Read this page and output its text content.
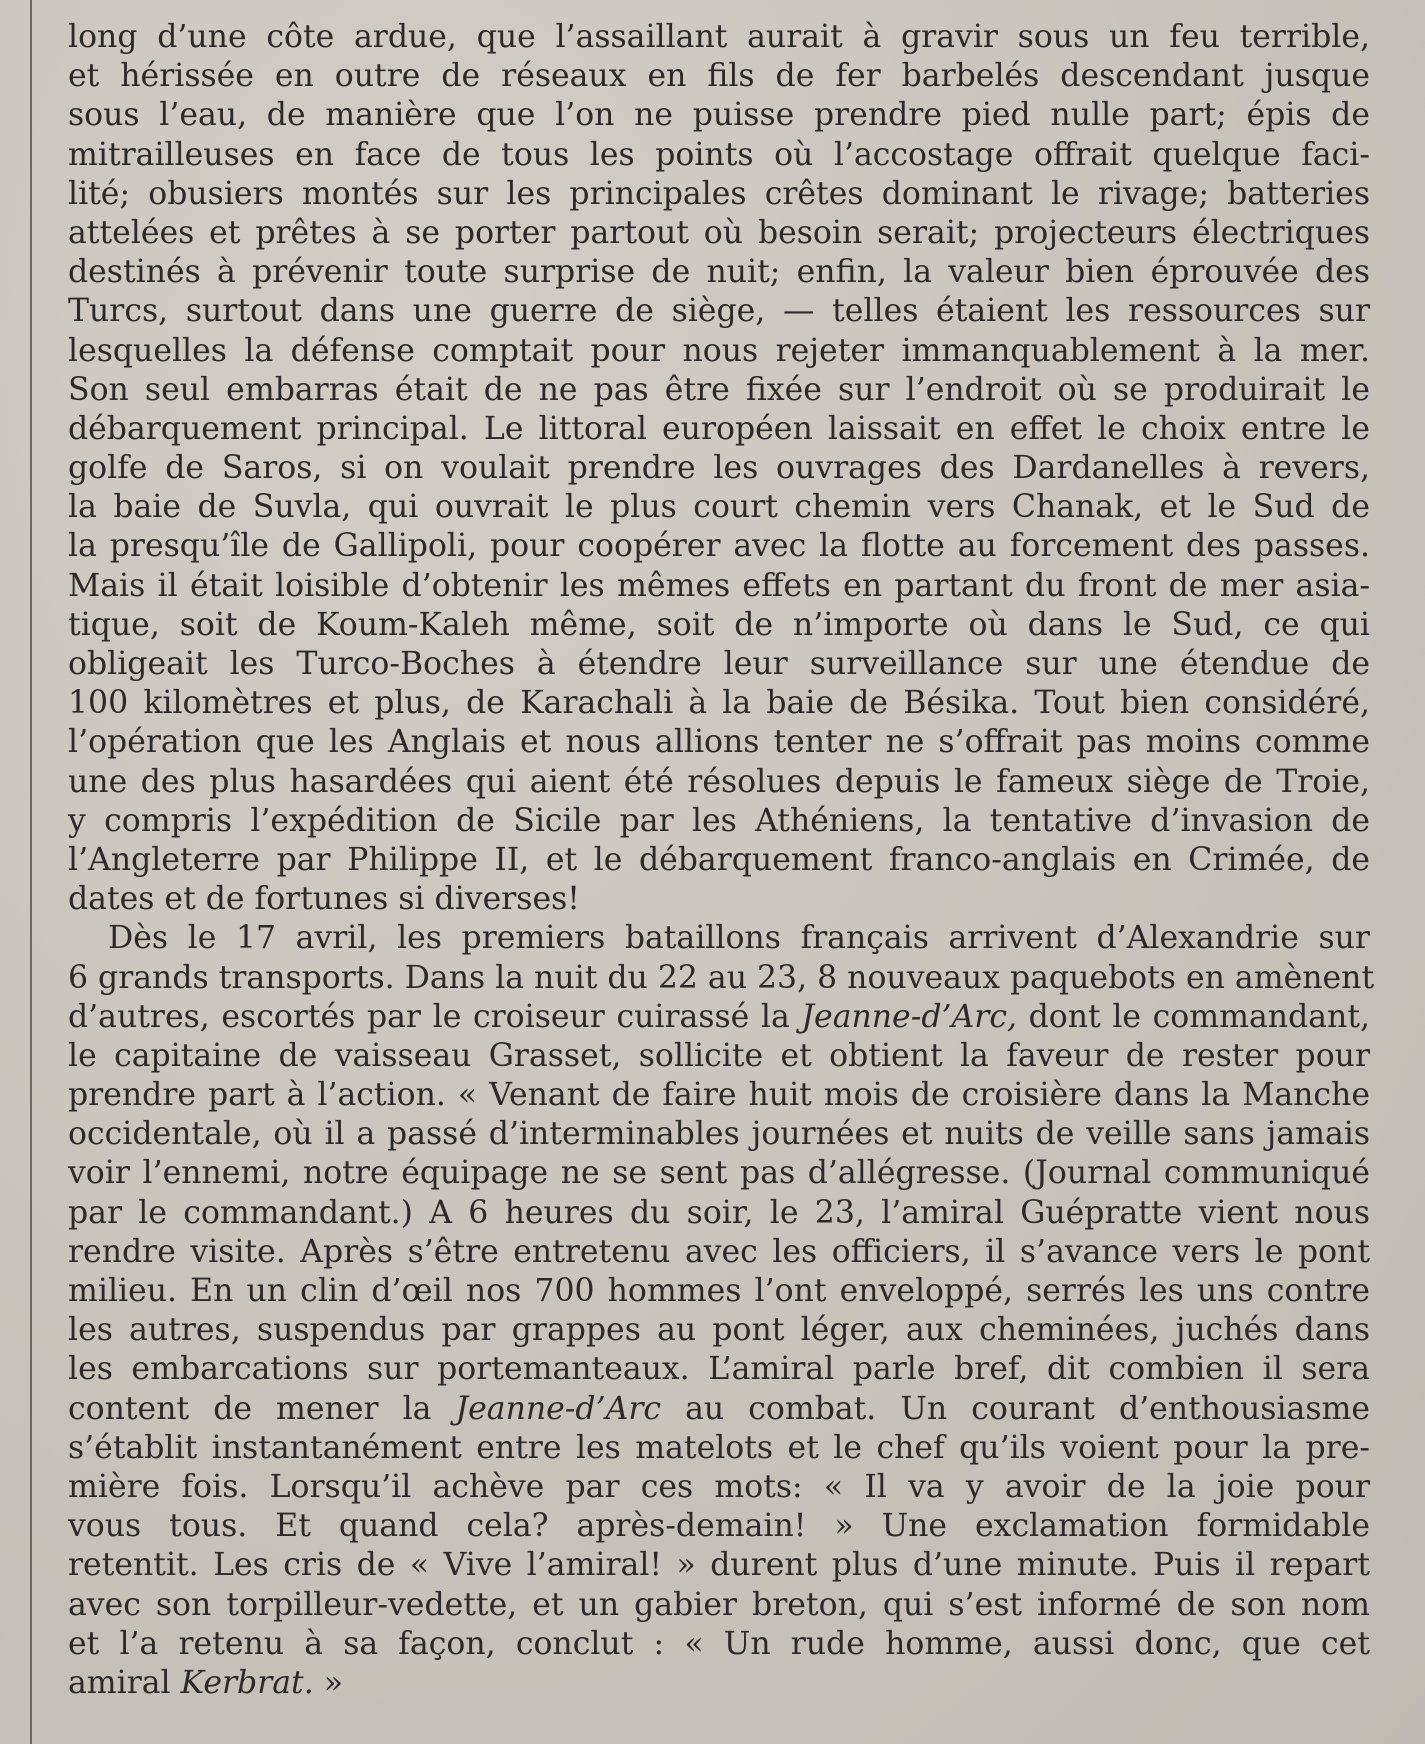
long d’une côte ardue, que l’assaillant aurait à gravir sous un feu terrible,
et hérissée en outre de réseaux en fils de fer barbelés descendant jusque
sous l’eau, de manière que l’on ne puisse prendre pied nulle part; épis de
mitrailleuses en face de tous les points où l’accostage offrait quelque faci-
lité; obusiers montés sur les principales crêtes dominant le rivage; batteries
attelées et prêtes à se porter partout où besoin serait; projecteurs électriques
destinés à prévenir toute surprise de nuit; enfin, la valeur bien éprouvée des
Turcs, surtout dans une guerre de siège, — telles étaient les ressources sur
lesquelles la défense comptait pour nous rejeter immanquablement à la mer.
Son seul embarras était de ne pas être fixée sur l’endroit où se produirait le
débarquement principal. Le littoral européen laissait en effet le choix entre le
golfe de Saros, si on voulait prendre les ouvrages des Dardanelles à revers,
la baie de Suvla, qui ouvrait le plus court chemin vers Chanak, et le Sud de
la presqu’île de Gallipoli, pour coopérer avec la flotte au forcement des passes.
Mais il était loisible d’obtenir les mêmes effets en partant du front de mer asia-
tique, soit de Koum-Kaleh même, soit de n’importe où dans le Sud, ce qui
obligeait les Turco-Boches à étendre leur surveillance sur une étendue de
100 kilomètres et plus, de Karachali à la baie de Bésika. Tout bien considéré,
l’opération que les Anglais et nous allions tenter ne s’offrait pas moins comme
une des plus hasardées qui aient été résolues depuis le fameux siège de Troie,
y compris l’expédition de Sicile par les Athéniens, la tentative d’invasion de
l’Angleterre par Philippe II, et le débarquement franco-anglais en Crimée, de
dates et de fortunes si diverses!
Dès le 17 avril, les premiers bataillons français arrivent d’Alexandrie sur
6 grands transports. Dans la nuit du 22 au 23, 8 nouveaux paquebots en amènent
d’autres, escortés par le croiseur cuirassé la Jeanne-d’Arc, dont le commandant,
le capitaine de vaisseau Grasset, sollicite et obtient la faveur de rester pour
prendre part à l’action. « Venant de faire huit mois de croisière dans la Manche
occidentale, où il a passé d’interminables journées et nuits de veille sans jamais
voir l’ennemi, notre équipage ne se sent pas d’allégresse. (Journal communiqué
par le commandant.) A 6 heures du soir, le 23, l’amiral Guépratte vient nous
rendre visite. Après s’être entretenu avec les officiers, il s’avance vers le pont
milieu. En un clin d’œil nos 700 hommes l’ont enveloppé, serrés les uns contre
les autres, suspendus par grappes au pont léger, aux cheminées, juchés dans
les embarcations sur portemanteaux. L’amiral parle bref, dit combien il sera
content de mener la Jeanne-d’Arc au combat. Un courant d’enthousiasme
s’établit instantanément entre les matelots et le chef qu’ils voient pour la pre-
mière fois. Lorsqu’il achève par ces mots: « Il va y avoir de la joie pour
vous tous. Et quand cela? après-demain! » Une exclamation formidable
retentit. Les cris de « Vive l’amiral! » durent plus d’une minute. Puis il repart
avec son torpilleur-vedette, et un gabier breton, qui s’est informé de son nom
et l’a retenu à sa façon, conclut : « Un rude homme, aussi donc, que cet
amiral Kerbrat. »
